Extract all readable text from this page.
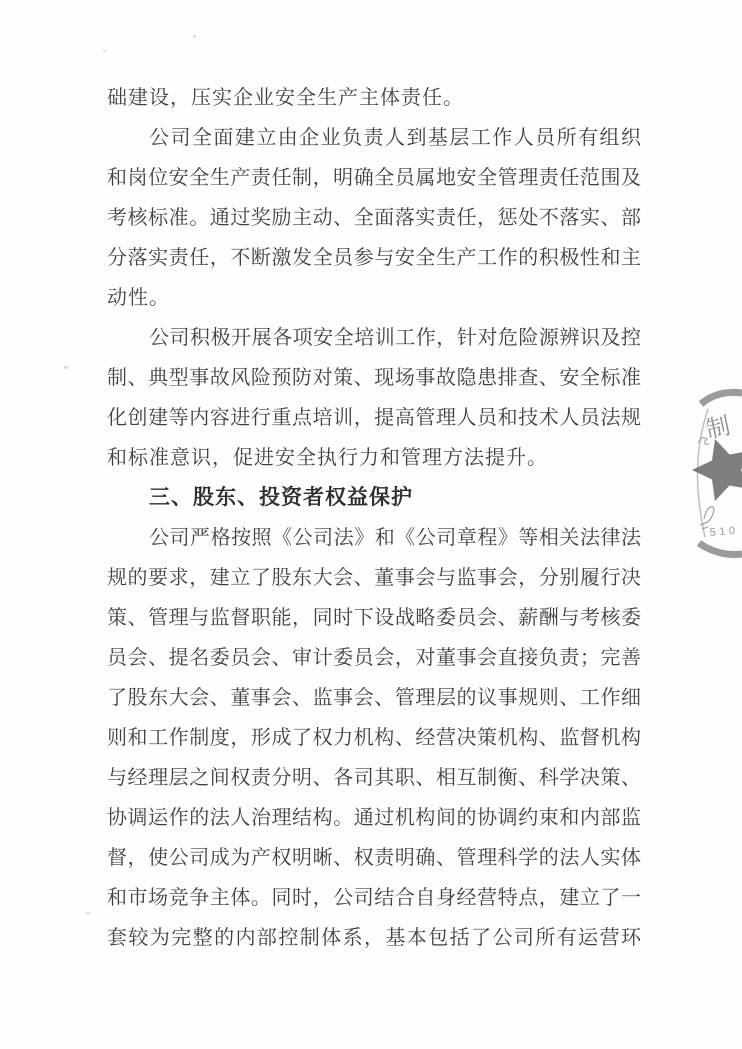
础建设，压实企业安全生产主体责任。
公司全面建立由企业负责人到基层工作人员所有组织
和岗位安全生产责任制，明确全员属地安全管理责任范围及
考核标准。通过奖励主动、全面落实责任，惩处不落实、部
分落实责任，不断激发全员参与安全生产工作的积极性和主
动性。
公司积极开展各项安全培训工作，针对危险源辨识及控
制、典型事故风险预防对策、现场事故隐患排查、安全标准
化创建等内容进行重点培训，提高管理人员和技术人员法规
和标准意识，促进安全执行力和管理方法提升。
三、股东、投资者权益保护
公司严格按照《公司法》和《公司章程》等相关法律法
规的要求，建立了股东大会、董事会与监事会，分别履行决
策、管理与监督职能，同时下设战略委员会、薪酬与考核委
员会、提名委员会、审计委员会，对董事会直接负责；完善
了股东大会、董事会、监事会、管理层的议事规则、工作细
则和工作制度，形成了权力机构、经营决策机构、监督机构
与经理层之间权责分明、各司其职、相互制衡、科学决策、
协调运作的法人治理结构。通过机构间的协调约束和内部监
督，使公司成为产权明晰、权责明确、管理科学的法人实体
和市场竞争主体。同时，公司结合自身经营特点，建立了一
套较为完整的内部控制体系，基本包括了公司所有运营环
制
510
